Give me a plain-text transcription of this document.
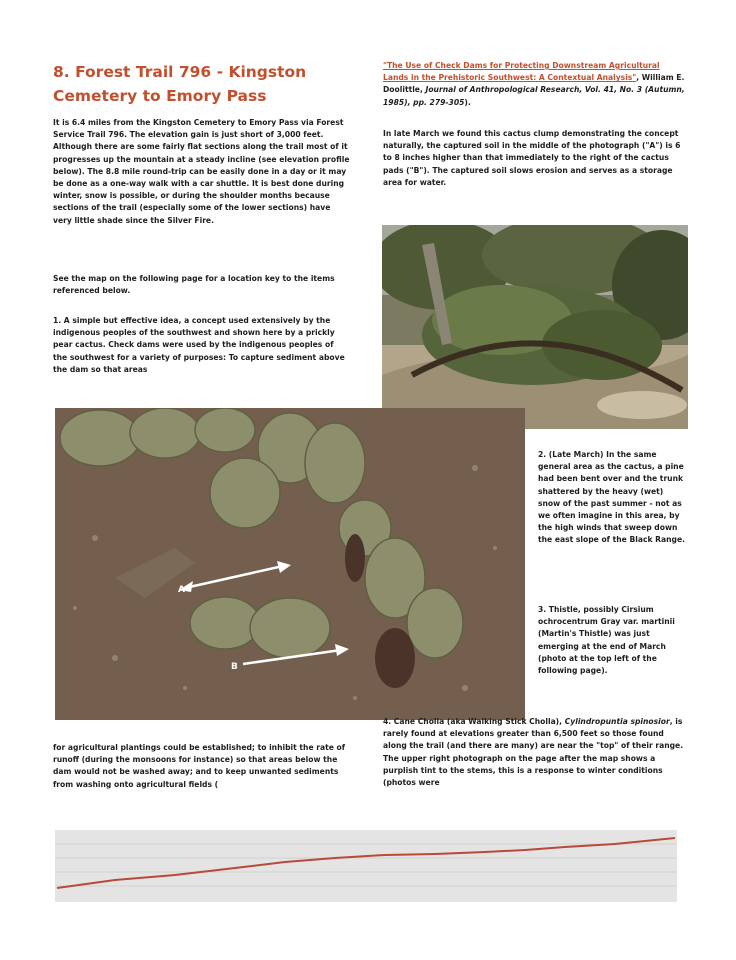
8. Forest Trail 796 - Kingston Cemetery to Emory Pass

It is 6.4 miles from the Kingston Cemetery to Emory Pass via Forest Service Trail 796. The elevation gain is just short of 3,000 feet. Although there are some fairly flat sections along the trail most of it progresses up the mountain at a steady incline (see elevation profile below). The 8.8 mile round-trip can be easily done in a day or it may be done as a one-way walk with a car shuttle. It is best done during winter, snow is possible, or during the shoulder months because sections of the trail (especially some of the lower sections) have very little shade since the Silver Fire.

See the map on the following page for a location key to the items referenced below.

1. A simple but effective idea, a concept used extensively by the indigenous peoples of the southwest and shown here by a prickly pear cactus. Check dams were used by the indigenous peoples of the southwest for a variety of purposes: To capture sediment above the dam so that areas

"The Use of Check Dams for Protecting Downstream Agricultural Lands in the Prehistoric Southwest: A Contextual Analysis", William E. Doolittle, Journal of Anthropological Research, Vol. 41, No. 3 (Autumn, 1985), pp. 279-305).

In late March we found this cactus clump demonstrating the concept naturally, the captured soil in the middle of the photograph ("A") is 6 to 8 inches higher than that immediately to the right of the cactus pads ("B"). The captured soil slows erosion and serves as a storage area for water.

A
B

2. (Late March) In the same general area as the cactus, a pine had been bent over and the trunk shattered by the heavy (wet) snow of the past summer - not as we often imagine in this area, by the high winds that sweep down the east slope of the Black Range.

3. Thistle, possibly Cirsium ochrocentrum Gray var. martinii (Martin's Thistle) was just emerging at the end of March (photo at the top left of the following page).

for agricultural plantings could be established; to inhibit the rate of runoff (during the monsoons for instance) so that areas below the dam would not be washed away; and to keep unwanted sediments from washing onto agricultural fields (

4. Cane Cholla (aka Walking Stick Cholla), Cylindropuntia spinosior, is rarely found at elevations greater than 6,500 feet so those found along the trail (and there are many) are near the "top" of their range. The upper right photograph on the page after the map shows a purplish tint to the stems, this is a response to winter conditions (photos were
